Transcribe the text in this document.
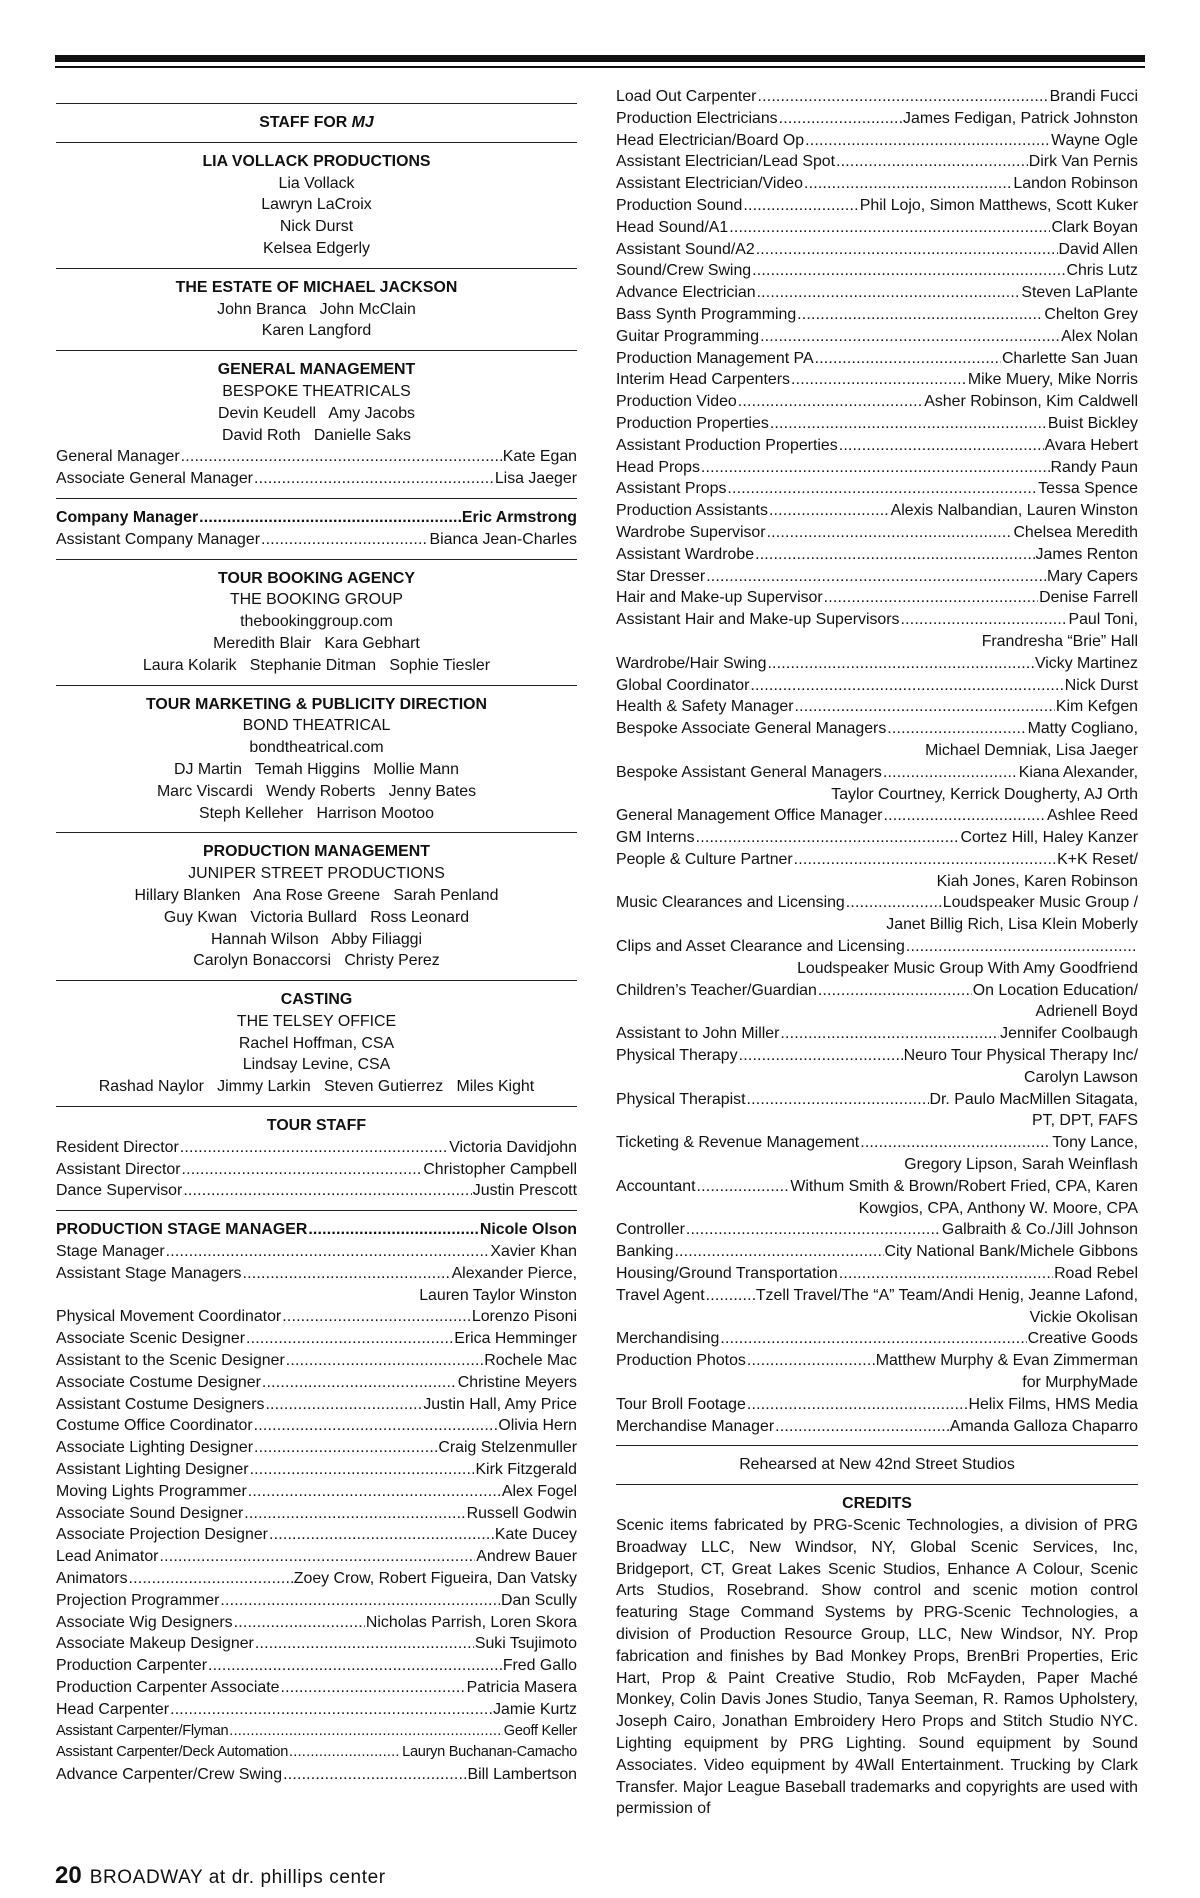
STAFF FOR MJ
LIA VOLLACK PRODUCTIONS
Lia Vollack
Lawryn LaCroix
Nick Durst
Kelsea Edgerly
THE ESTATE OF MICHAEL JACKSON
John Branca   John McClain
Karen Langford
GENERAL MANAGEMENT
BESPOKE THEATRICALS
Devin Keudell   Amy Jacobs
David Roth   Danielle Saks
General Manager .....	Kate Egan
Associate General Manager .....	Lisa Jaeger
Company Manager .....	Eric Armstrong
Assistant Company Manager .....	Bianca Jean-Charles
TOUR BOOKING AGENCY
THE BOOKING GROUP
thebookinggroup.com
Meredith Blair   Kara Gebhart
Laura Kolarik   Stephanie Ditman   Sophie Tiesler
TOUR MARKETING & PUBLICITY DIRECTION
BOND THEATRICAL
bondtheatrical.com
DJ Martin   Temah Higgins   Mollie Mann
Marc Viscardi   Wendy Roberts   Jenny Bates
Steph Kelleher   Harrison Mootoo
PRODUCTION MANAGEMENT
JUNIPER STREET PRODUCTIONS
Hillary Blanken   Ana Rose Greene   Sarah Penland
Guy Kwan   Victoria Bullard   Ross Leonard
Hannah Wilson   Abby Filiaggi
Carolyn Bonaccorsi   Christy Perez
CASTING
THE TELSEY OFFICE
Rachel Hoffman, CSA
Lindsay Levine, CSA
Rashad Naylor   Jimmy Larkin   Steven Gutierrez   Miles Kight
TOUR STAFF
Resident Director .....	Victoria Davidjohn
Assistant Director .....	Christopher Campbell
Dance Supervisor .....	Justin Prescott
PRODUCTION STAGE MANAGER .....	Nicole Olson
Stage Manager .....	Xavier Khan
Assistant Stage Managers .....	Alexander Pierce,
Lauren Taylor Winston
Physical Movement Coordinator .....	Lorenzo Pisoni
Associate Scenic Designer .....	Erica Hemminger
Assistant to the Scenic Designer .....	Rochele Mac
Associate Costume Designer .....	Christine Meyers
Assistant Costume Designers .....	Justin Hall, Amy Price
Costume Office Coordinator .....	Olivia Hern
Associate Lighting Designer .....	Craig Stelzenmuller
Assistant Lighting Designer .....	Kirk Fitzgerald
Moving Lights Programmer .....	Alex Fogel
Associate Sound Designer .....	Russell Godwin
Associate Projection Designer .....	Kate Ducey
Lead Animator .....	Andrew Bauer
Animators .....	Zoey Crow, Robert Figueira, Dan Vatsky
Projection Programmer .....	Dan Scully
Associate Wig Designers .....	Nicholas Parrish, Loren Skora
Associate Makeup Designer .....	Suki Tsujimoto
Production Carpenter .....	Fred Gallo
Production Carpenter Associate .....	Patricia Masera
Head Carpenter .....	Jamie Kurtz
Assistant Carpenter/Flyman .....	Geoff Keller
Assistant Carpenter/Deck Automation .....	Lauryn Buchanan-Camacho
Advance Carpenter/Crew Swing .....	Bill Lambertson
Load Out Carpenter .....	Brandi Fucci
Production Electricians .....	James Fedigan, Patrick Johnston
Head Electrician/Board Op .....	Wayne Ogle
Assistant Electrician/Lead Spot .....	Dirk Van Pernis
Assistant Electrician/Video .....	Landon Robinson
Production Sound .....	Phil Lojo, Simon Matthews, Scott Kuker
Head Sound/A1 .....	Clark Boyan
Assistant Sound/A2 .....	David Allen
Sound/Crew Swing .....	Chris Lutz
Advance Electrician .....	Steven LaPlante
Bass Synth Programming .....	Chelton Grey
Guitar Programming .....	Alex Nolan
Production Management PA .....	Charlette San Juan
Interim Head Carpenters .....	Mike Muery, Mike Norris
Production Video .....	Asher Robinson, Kim Caldwell
Production Properties .....	Buist Bickley
Assistant Production Properties .....	Avara Hebert
Head Props .....	Randy Paun
Assistant Props .....	Tessa Spence
Production Assistants .....	Alexis Nalbandian, Lauren Winston
Wardrobe Supervisor .....	Chelsea Meredith
Assistant Wardrobe .....	James Renton
Star Dresser .....	Mary Capers
Hair and Make-up Supervisor .....	Denise Farrell
Assistant Hair and Make-up Supervisors .....	Paul Toni,
Frandresha “Brie” Hall
Wardrobe/Hair Swing .....	Vicky Martinez
Global Coordinator .....	Nick Durst
Health & Safety Manager .....	Kim Kefgen
Bespoke Associate General Managers .....	Matty Cogliano,
Michael Demniak, Lisa Jaeger
Bespoke Assistant General Managers .....	Kiana Alexander,
Taylor Courtney, Kerrick Dougherty, AJ Orth
General Management Office Manager .....	Ashlee Reed
GM Interns .....	Cortez Hill, Haley Kanzer
People & Culture Partner .....	K+K Reset/
Kiah Jones, Karen Robinson
Music Clearances and Licensing .....	Loudspeaker Music Group /
Janet Billig Rich, Lisa Klein Moberly
Clips and Asset Clearance and Licensing
.....
Loudspeaker Music Group With Amy Goodfriend
Children’s Teacher/Guardian .....	On Location Education/
Adrienell Boyd
Assistant to John Miller .....	Jennifer Coolbaugh
Physical Therapy .....	Neuro Tour Physical Therapy Inc/
Carolyn Lawson
Physical Therapist .....	Dr. Paulo MacMillen Sitagata,
PT, DPT, FAFS
Ticketing & Revenue Management .....	Tony Lance,
Gregory Lipson, Sarah Weinflash
Accountant .....	Withum Smith & Brown/Robert Fried, CPA, Karen
Kowgios, CPA, Anthony W. Moore, CPA
Controller .....	Galbraith & Co./Jill Johnson
Banking .....	City National Bank/Michele Gibbons
Housing/Ground Transportation .....	Road Rebel
Travel Agent .....	Tzell Travel/The “A” Team/Andi Henig, Jeanne Lafond,
Vickie Okolisan
Merchandising .....	Creative Goods
Production Photos .....	Matthew Murphy & Evan Zimmerman
for MurphyMade
Tour Broll Footage .....	Helix Films, HMS Media
Merchandise Manager .....	Amanda Galloza Chaparro
Rehearsed at New 42nd Street Studios
CREDITS
Scenic items fabricated by PRG-Scenic Technologies, a division of PRG Broadway LLC, New Windsor, NY, Global Scenic Services, Inc, Bridgeport, CT, Great Lakes Scenic Studios, Enhance A Colour, Scenic Arts Studios, Rosebrand. Show control and scenic motion control featuring Stage Command Systems by PRG-Scenic Technologies, a division of Production Resource Group, LLC, New Windsor, NY. Prop fabrication and finishes by Bad Monkey Props, BrenBri Properties, Eric Hart, Prop & Paint Creative Studio, Rob McFayden, Paper Maché Monkey, Colin Davis Jones Studio, Tanya Seeman, R. Ramos Upholstery, Joseph Cairo, Jonathan Embroidery Hero Props and Stitch Studio NYC. Lighting equipment by PRG Lighting. Sound equipment by Sound Associates. Video equipment by 4Wall Entertainment. Trucking by Clark Transfer. Major League Baseball trademarks and copyrights are used with permission of
20 BROADWAY at dr. phillips center
